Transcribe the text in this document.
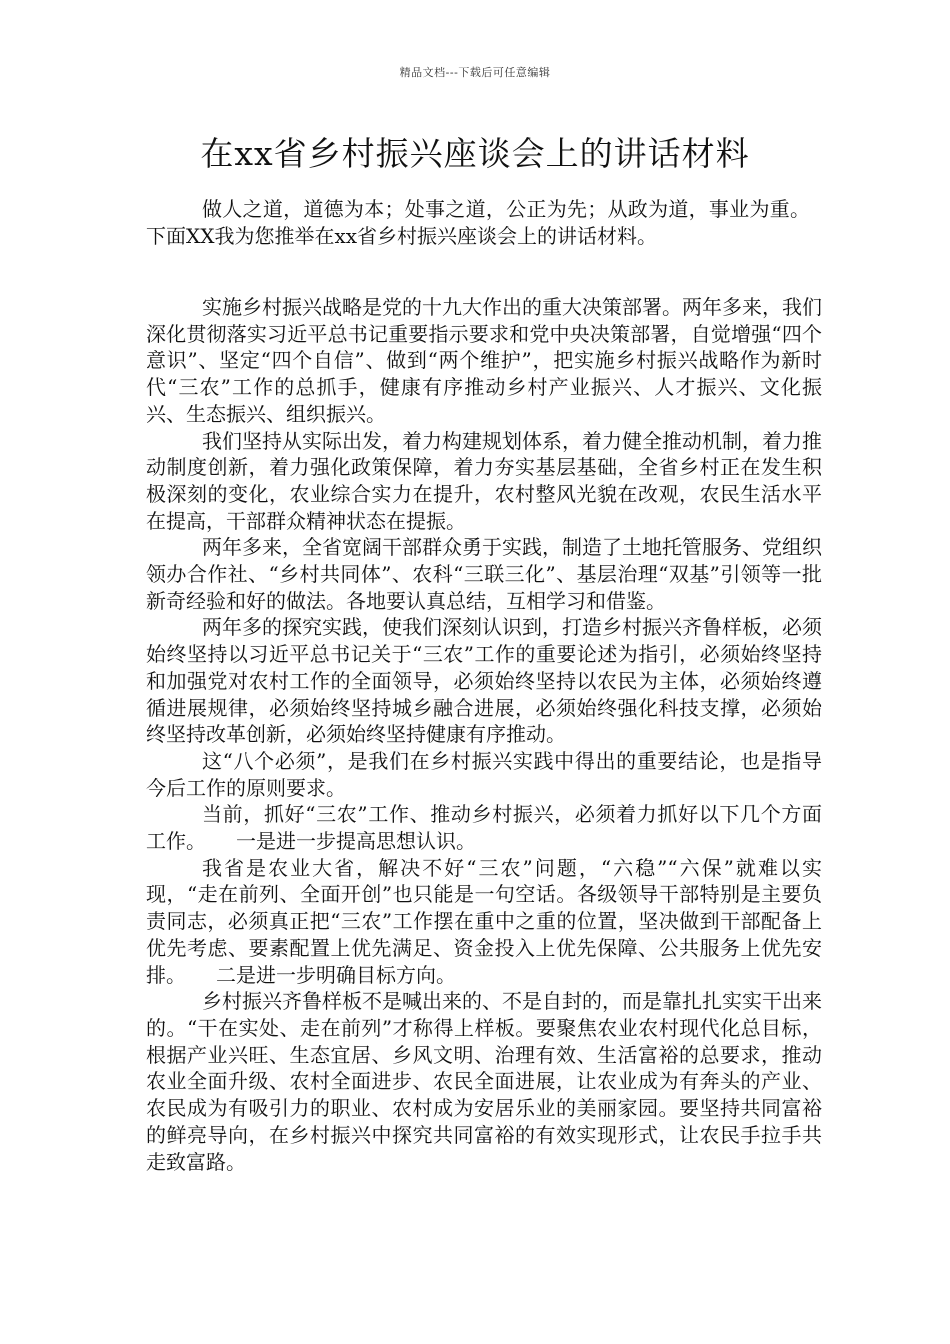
精品文档---下载后可任意编辑
在xx省乡村振兴座谈会上的讲话材料

做人之道，道德为本；处事之道，公正为先；从政为道，事业为重。下面XX我为您推举在xx省乡村振兴座谈会上的讲话材料。

实施乡村振兴战略是党的十九大作出的重大决策部署。两年多来，我们深化贯彻落实习近平总书记重要指示要求和党中央决策部署，自觉增强“四个意识”、坚定“四个自信”、做到“两个维护”，把实施乡村振兴战略作为新时代“三农”工作的总抓手，健康有序推动乡村产业振兴、人才振兴、文化振兴、生态振兴、组织振兴。

我们坚持从实际出发，着力构建规划体系，着力健全推动机制，着力推动制度创新，着力强化政策保障，着力夯实基层基础，全省乡村正在发生积极深刻的变化，农业综合实力在提升，农村整风光貌在改观，农民生活水平在提高，干部群众精神状态在提振。

两年多来，全省宽阔干部群众勇于实践，制造了土地托管服务、党组织领办合作社、“乡村共同体”、农科“三联三化”、基层治理“双基”引领等一批新奇经验和好的做法。各地要认真总结，互相学习和借鉴。

两年多的探究实践，使我们深刻认识到，打造乡村振兴齐鲁样板，必须始终坚持以习近平总书记关于“三农”工作的重要论述为指引，必须始终坚持和加强党对农村工作的全面领导，必须始终坚持以农民为主体，必须始终遵循进展规律，必须始终坚持城乡融合进展，必须始终强化科技支撑，必须始终坚持改革创新，必须始终坚持健康有序推动。

这“八个必须”，是我们在乡村振兴实践中得出的重要结论，也是指导今后工作的原则要求。

当前，抓好“三农”工作、推动乡村振兴，必须着力抓好以下几个方面工作。　　一是进一步提高思想认识。

我省是农业大省，解决不好“三农”问题，“六稳”“六保”就难以实现，“走在前列、全面开创”也只能是一句空话。各级领导干部特别是主要负责同志，必须真正把“三农”工作摆在重中之重的位置，坚决做到干部配备上优先考虑、要素配置上优先满足、资金投入上优先保障、公共服务上优先安排。　　二是进一步明确目标方向。

乡村振兴齐鲁样板不是喊出来的、不是自封的，而是靠扎扎实实干出来的。“干在实处、走在前列”才称得上样板。要聚焦农业农村现代化总目标，根据产业兴旺、生态宜居、乡风文明、治理有效、生活富裕的总要求，推动农业全面升级、农村全面进步、农民全面进展，让农业成为有奔头的产业、农民成为有吸引力的职业、农村成为安居乐业的美丽家园。要坚持共同富裕的鲜亮导向，在乡村振兴中探究共同富裕的有效实现形式，让农民手拉手共走致富路。
